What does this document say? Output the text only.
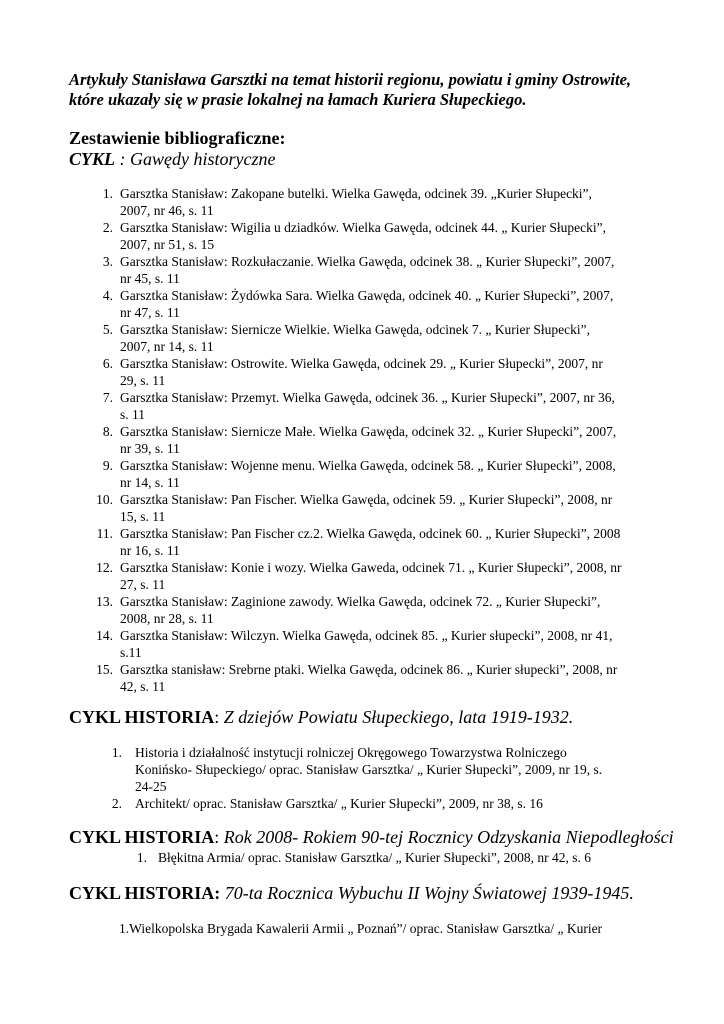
Artykuły Stanisława Garsztki na temat historii regionu, powiatu i gminy Ostrowite,
które ukazały się w prasie lokalnej na łamach Kuriera Słupeckiego.
Zestawienie bibliograficzne:
CYKL : Gawędy historyczne
1. Garsztka Stanisław: Zakopane butelki. Wielka Gawęda, odcinek 39. „Kurier Słupecki”,
2007, nr 46, s. 11
2. Garsztka Stanisław: Wigilia u dziadków. Wielka Gawęda, odcinek 44. „ Kurier Słupecki”,
2007, nr 51, s. 15
3. Garsztka Stanisław: Rozkułaczanie. Wielka Gawęda, odcinek 38. „ Kurier Słupecki”, 2007,
nr 45, s. 11
4. Garsztka Stanisław: Żydówka Sara. Wielka Gawęda, odcinek 40. „ Kurier Słupecki”, 2007,
nr 47, s. 11
5. Garsztka Stanisław: Siernicze Wielkie. Wielka Gawęda, odcinek 7. „ Kurier Słupecki”,
2007, nr 14, s. 11
6. Garsztka Stanisław: Ostrowite. Wielka Gawęda, odcinek 29. „ Kurier Słupecki”, 2007, nr
29, s. 11
7. Garsztka Stanisław: Przemyt. Wielka Gawęda, odcinek 36. „ Kurier Słupecki”, 2007, nr 36,
s. 11
8. Garsztka Stanisław: Siernicze Małe. Wielka Gawęda, odcinek 32. „ Kurier Słupecki”, 2007,
nr 39, s. 11
9. Garsztka Stanisław: Wojenne menu. Wielka Gawęda, odcinek 58. „ Kurier Słupecki”, 2008,
nr 14, s. 11
10. Garsztka Stanisław: Pan Fischer. Wielka Gawęda, odcinek 59. „ Kurier Słupecki”, 2008, nr
15, s. 11
11. Garsztka Stanisław: Pan Fischer cz.2. Wielka Gawęda, odcinek 60. „ Kurier Słupecki”, 2008
nr 16, s. 11
12. Garsztka Stanisław: Konie i wozy. Wielka Gaweda, odcinek 71. „ Kurier Słupecki”, 2008, nr
27, s. 11
13. Garsztka Stanisław: Zaginione zawody. Wielka Gawęda, odcinek 72. „ Kurier Słupecki”,
2008, nr 28, s. 11
14. Garsztka Stanisław: Wilczyn. Wielka Gawęda, odcinek 85. „ Kurier słupecki”, 2008, nr 41,
s.11
15. Garsztka stanisław: Srebrne ptaki. Wielka Gawęda, odcinek 86. „ Kurier słupecki”, 2008, nr
42, s. 11
CYKL HISTORIA: Z dziejów Powiatu Słupeckiego, lata 1919-1932.
1. Historia i działalność instytucji rolniczej Okręgowego Towarzystwa Rolniczego
Konińsko- Słupeckiego/ oprac. Stanisław Garsztka/ „ Kurier Słupecki”, 2009, nr 19, s.
24-25
2. Architekt/ oprac. Stanisław Garsztka/ „ Kurier Słupecki”, 2009, nr 38, s. 16
CYKL HISTORIA: Rok 2008- Rokiem 90-tej Rocznicy Odzyskania Niepodległości
1. Błękitna Armia/ oprac. Stanisław Garsztka/ „ Kurier Słupecki”, 2008, nr 42, s. 6
CYKL HISTORIA: 70-ta Rocznica Wybuchu II Wojny Światowej 1939-1945.
1.Wielkopolska Brygada Kawalerii Armii „ Poznań”/ oprac. Stanisław Garsztka/ „ Kurier
